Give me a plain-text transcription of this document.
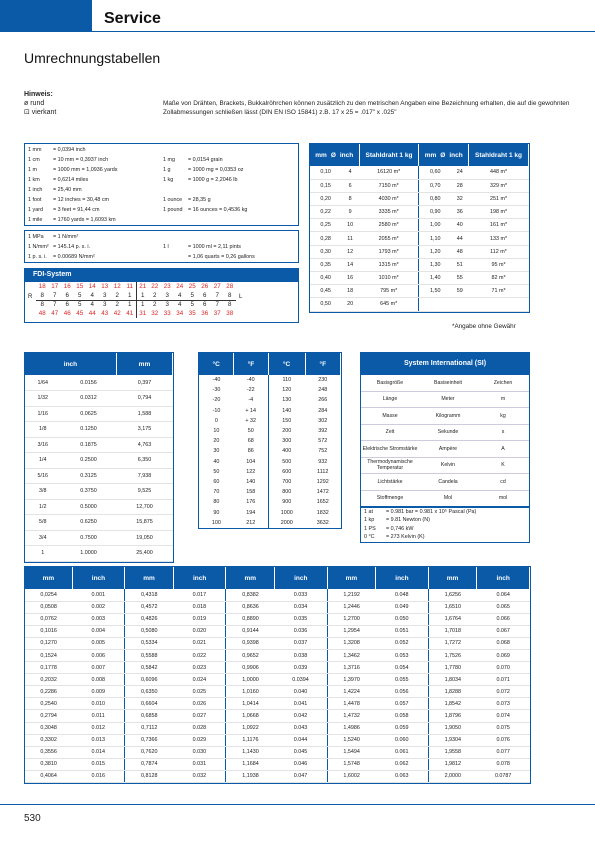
Service
Umrechnungstabellen
Hinweis:
ø rund
⊡ vierkant
Maße von Drähten, Brackets, Bukkalröhrchen können zusätzlich zu den metrischen Angaben eine Bezeichnung erhalten, die auf die gewohnten Zollabmessungen schließen lässt (DIN EN ISO 15841) z.B. 17 x 25 = .017" x .025"
1 mm	= 0,0394 inch
1 cm	= 10 mm = 0,3937 inch	1 mg	= 0,0154 grain
1 m	= 1000 mm = 1,0936 yards	1 g	= 1000 mg = 0,0353 oz
1 km	= 0,6214 miles	1 kg	= 1000 g = 2,2046 lb
1 inch	= 25,40 mm
1 foot	= 12 inches = 30,48 cm	1 ounce	= 28,35 g
1 yard	= 3 feet = 91,44 cm	1 pound	= 16 ounces = 0,4536 kg
1 mile	= 1760 yards = 1,6093 km
1 MPa	= 1 N/mm²
1 N/mm² = 145.14 p. s. i.	1 l	= 1000 ml = 2,11 pints
1 p. s. i.	= 0.00689 N/mm²	= 1,06 quarts = 0,26 gallons
FDI-System
18 17 16 15 14 13 12 11	21 22 23 24 25 26 27 28
8	7	6	5	4	3	2	1	1	2	3	4	5	6	7	8
8	7	6	5	4	3	2	1	1	2	3	4	5	6	7	8
48 47 46 45 44 43 42 41 31 32 33 34 35 36 37 38
R	L
mm Ø inch		Stahldraht 1 kg	mm Ø inch		Stahldraht 1 kg
0,10	4	16120 m*	0,60	24	448 m*
0,15	6	7150 m*	0,70	28	329 m*
0,20	8	4030 m*	0,80	32	251 m*
0,22	9	3335 m*	0,90	36	198 m*
0,25	10	2580 m*	1,00	40	161 m*
0,28	11	2055 m*	1,10	44	133 m*
0,30	12	1793 m*	1,20	48	112 m*
0,35	14	1315 m*	1,30	51	95 m*
0,40	16	1010 m*	1,40	55	82 m*
0,45	18	795 m*	1,50	59	71 m*
0,50	20	645 m*			
*Angabe ohne Gewähr
inch		mm
1/64	0.0156	0,397
1/32	0.0312	0,794
1/16	0.0625	1,588
1/8	0.1250	3,175
3/16	0.1875	4,763
1/4	0.2500	6,350
5/16	0.3125	7,938
3/8	0.3750	9,525
1/2	0.5000	12,700
5/8	0.6250	15,875
3/4	0.7500	19,050
1	1.0000	25,400
°C	°F	°C	°F
-40	-40	110	230
-30	-22	120	248
-20	-4	130	266
-10	+ 14	140	284
0	+ 32	150	302
10	50	200	392
20	68	300	572
30	86	400	752
40	104	500	932
50	122	600	1112
60	140	700	1292
70	158	800	1472
80	176	900	1652
90	194	1000	1832
100	212	2000	3632
System International (SI)
Basisgröße	Basiseinheit	Zeichen
Länge	Meter	m
Masse	Kilogramm	kg
Zeit	Sekunde	s
Elektrische Stromstärke	Ampère	A
Thermodynamische Temperatur	Kelvin	K
Lichtstärke	Candela	cd
Stoffmenge	Mol	mol
1 at	= 0.981 bar = 0.981 x 10⁵ Pascal (Pa)
1 kp	= 9.81 Newton (N)
1 PS	= 0,746 kW
0 °C	= 273 Kelvin (K)
mm	inch	mm	inch	mm	inch	mm	inch	mm	inch
0,0254	0.001	0,4318	0.017	0,8382	0.033	1,2192	0.048	1,6256	0.064
0,0508	0.002	0,4572	0.018	0,8636	0.034	1,2446	0.049	1,6510	0.065
0,0762	0.003	0,4826	0.019	0,8890	0.035	1,2700	0.050	1,6764	0.066
0,1016	0.004	0,5080	0.020	0,9144	0.036	1,2954	0.051	1,7018	0.067
0,1270	0.005	0,5334	0.021	0,9398	0.037	1,3208	0.052	1,7272	0.068
0,1524	0.006	0,5588	0.022	0,9652	0.038	1,3462	0.053	1,7526	0.069
0,1778	0.007	0,5842	0.023	0,9906	0.039	1,3716	0.054	1,7780	0.070
0,2032	0.008	0,6096	0.024	1,0000	0.0394	1,3970	0.055	1,8034	0.071
0,2286	0.009	0,6350	0.025	1,0160	0.040	1,4224	0.056	1,8288	0.072
0,2540	0.010	0,6604	0.026	1,0414	0.041	1,4478	0.057	1,8542	0.073
0,2794	0.011	0,6858	0.027	1,0668	0.042	1,4732	0.058	1,8796	0.074
0,3048	0.012	0,7112	0.028	1,0922	0.043	1,4986	0.059	1,9050	0.075
0,3302	0.013	0,7366	0.029	1,1176	0.044	1,5240	0.060	1,9304	0.076
0,3556	0.014	0,7620	0.030	1,1430	0.045	1,5494	0.061	1,9558	0.077
0,3810	0.015	0,7874	0.031	1,1684	0.046	1,5748	0.062	1,9812	0.078
0,4064	0.016	0,8128	0.032	1,1938	0.047	1,6002	0.063	2,0000	0.0787
530
